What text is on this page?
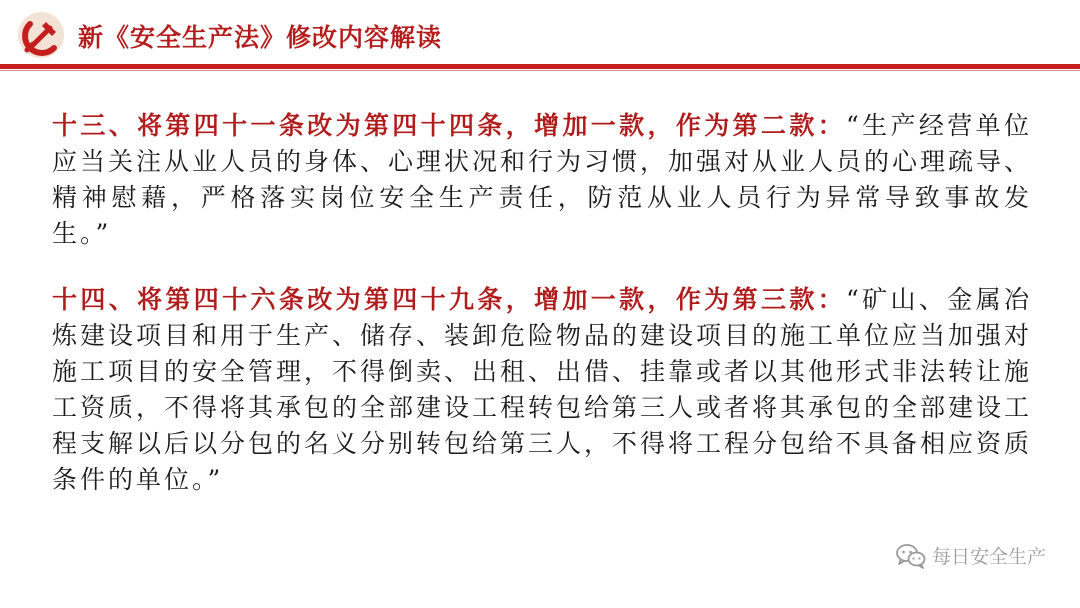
新《安全生产法》修改内容解读

十三、将第四十一条改为第四十四条，增加一款，作为第二款：“生产经营单位应当关注从业人员的身体、心理状况和行为习惯，加强对从业人员的心理疏导、精神慰藉，严格落实岗位安全生产责任，防范从业人员行为异常导致事故发生。”

十四、将第四十六条改为第四十九条，增加一款，作为第三款：“矿山、金属冶炼建设项目和用于生产、储存、装卸危险物品的建设项目的施工单位应当加强对施工项目的安全管理，不得倒卖、出租、出借、挂靠或者以其他形式非法转让施工资质，不得将其承包的全部建设工程转包给第三人或者将其承包的全部建设工程支解以后以分包的名义分别转包给第三人，不得将工程分包给不具备相应资质条件的单位。”

每日安全生产
